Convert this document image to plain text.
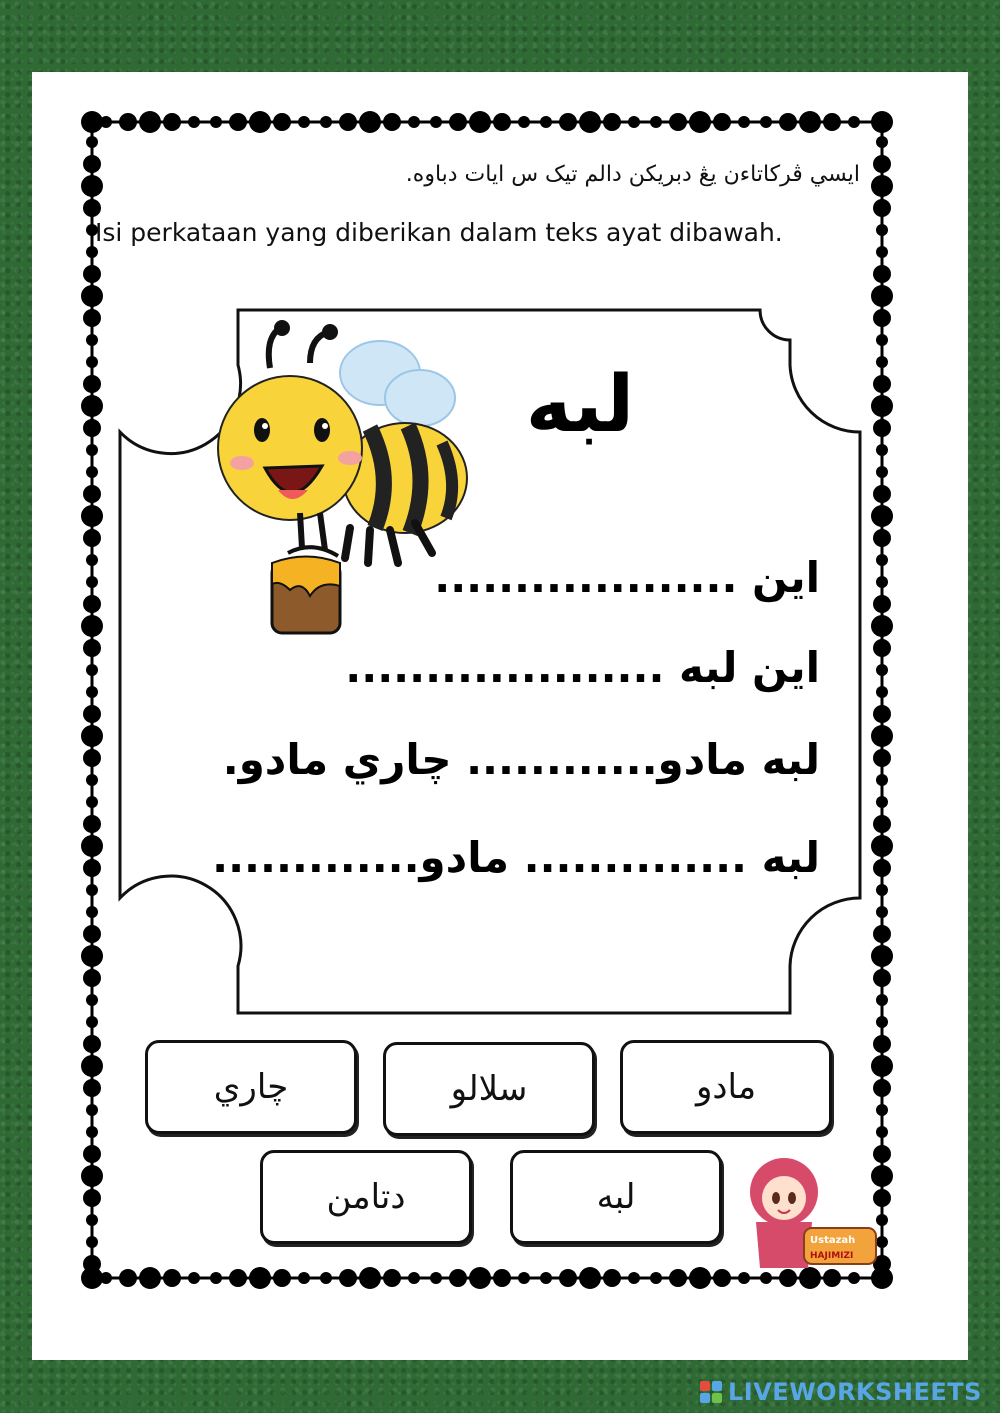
ايسي ڤركاتاءن يڠ دبريكن دالم تيک س ايات دباوه.
Isi perkataan yang diberikan dalam teks ayat dibawah.
لبه
اين ...................
اين لبه ....................
لبه مادو............ چاري مادو.
لبه .............. مادو.............
مادو
سلالو
چاري
لبه
دتامن
Ustazah
HAJIMIZI
LIVEWORKSHEETS
